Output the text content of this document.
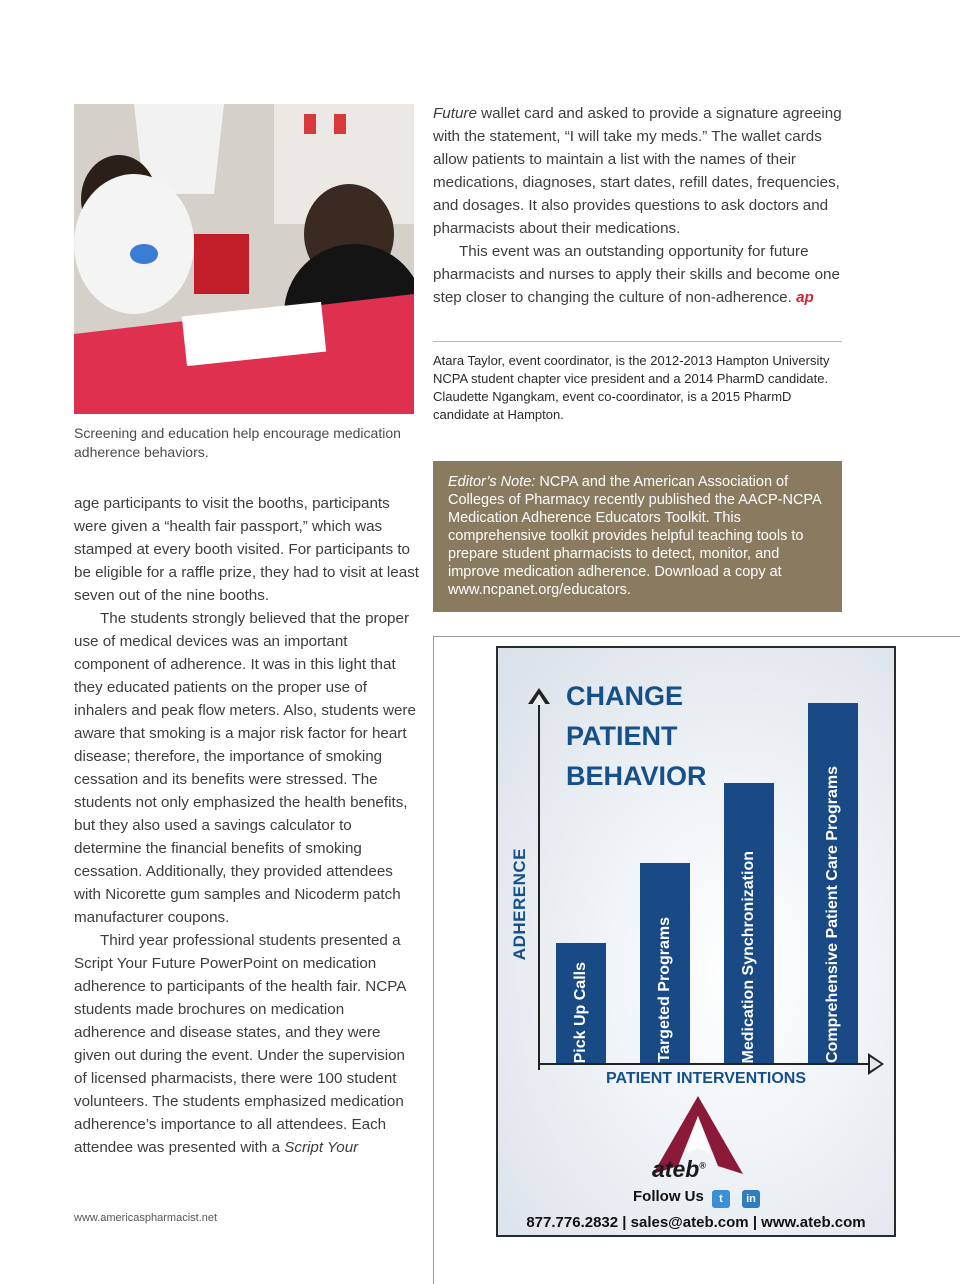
Screening and education help encourage medication adherence behaviors.

Future wallet card and asked to provide a signature agreeing with the statement, “I will take my meds.” The wallet cards allow patients to maintain a list with the names of their medications, diagnoses, start dates, refill dates, frequencies, and dosages. It also provides questions to ask doctors and pharmacists about their medications.

This event was an outstanding opportunity for future pharmacists and nurses to apply their skills and become one step closer to changing the culture of non-adherence. ap

Atara Taylor, event coordinator, is the 2012-2013 Hampton University NCPA student chapter vice president and a 2014 PharmD candidate.

Claudette Ngangkam, event co-coordinator, is a 2015 PharmD candidate at Hampton.

Editor’s Note: NCPA and the American Association of Colleges of Pharmacy recently published the AACP-NCPA Medication Adherence Educators Toolkit. This comprehensive toolkit provides helpful teaching tools to prepare student pharmacists to detect, monitor, and improve medication adherence. Download a copy at www.ncpanet.org/educators.

age participants to visit the booths, participants were given a “health fair passport,” which was stamped at every booth visited. For participants to be eligible for a raffle prize, they had to visit at least seven out of the nine booths.

The students strongly believed that the proper use of medical devices was an important component of adherence. It was in this light that they educated patients on the proper use of inhalers and peak flow meters. Also, students were aware that smoking is a major risk factor for heart disease; therefore, the importance of smoking cessation and its benefits were stressed. The students not only emphasized the health benefits, but they also used a savings calculator to determine the financial benefits of smoking cessation. Additionally, they provided attendees with Nicorette gum samples and Nicoderm patch manufacturer coupons.

Third year professional students presented a Script Your Future PowerPoint on medication adherence to participants of the health fair. NCPA students made brochures on medication adherence and disease states, and they were given out during the event. Under the supervision of licensed pharmacists, there were 100 student volunteers. The students emphasized medication adherence’s importance to all attendees. Each attendee was presented with a Script Your

CHANGE
PATIENT
BEHAVIOR
ADHERENCE
PATIENT INTERVENTIONS
Pick Up Calls	Targeted Programs	Medication Synchronization	Comprehensive Patient Care Programs
ateb®
Follow Us	t	in
877.776.2832 | sales@ateb.com | www.ateb.com
www.americaspharmacist.net
